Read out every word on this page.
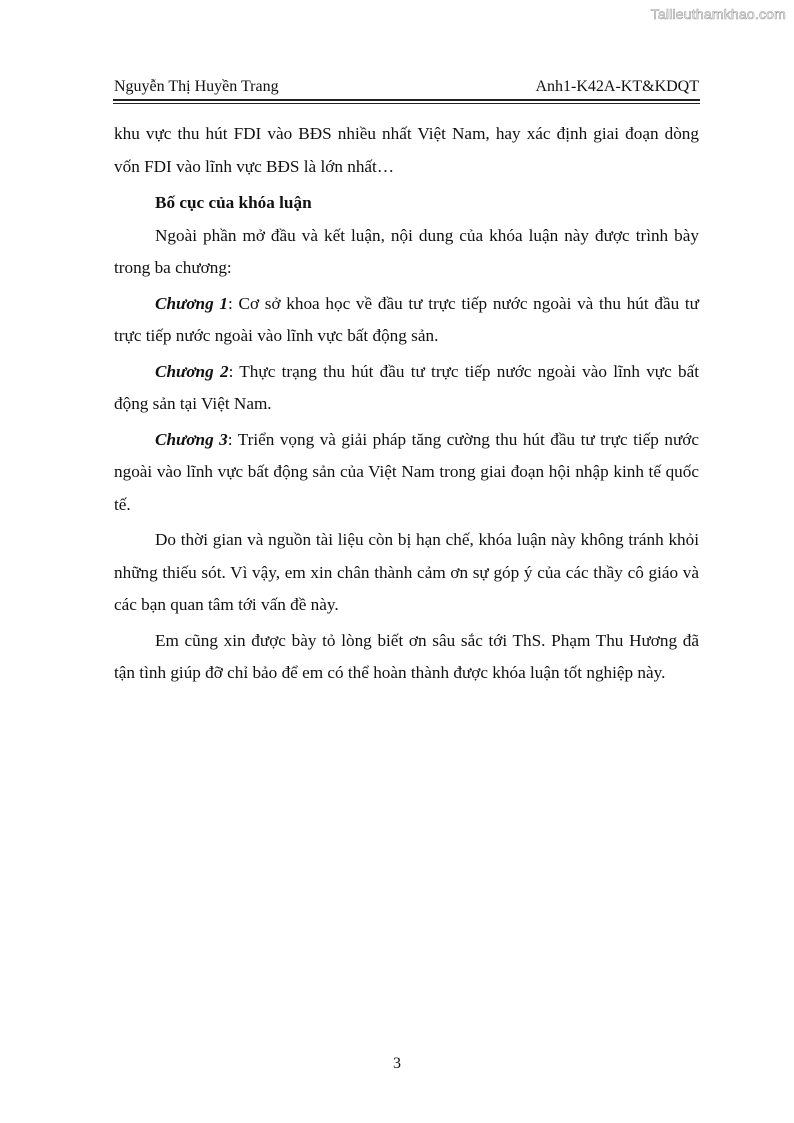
Tailieuthamkhao.com
Nguyễn Thị Huyền Trang	Anh1-K42A-KT&KDQT

khu vực thu hút FDI vào BĐS nhiều nhất Việt Nam, hay xác định giai đoạn dòng vốn FDI vào lĩnh vực BĐS là lớn nhất…

Bố cục của khóa luận

Ngoài phần mở đầu và kết luận, nội dung của khóa luận này được trình bày trong ba chương:

Chương 1: Cơ sở khoa học về đầu tư trực tiếp nước ngoài và thu hút đầu tư trực tiếp nước ngoài vào lĩnh vực bất động sản.

Chương 2: Thực trạng thu hút đầu tư trực tiếp nước ngoài vào lĩnh vực bất động sản tại Việt Nam.

Chương 3: Triển vọng và giải pháp tăng cường thu hút đầu tư trực tiếp nước ngoài vào lĩnh vực bất động sản của Việt Nam trong giai đoạn hội nhập kinh tế quốc tế.

Do thời gian và nguồn tài liệu còn bị hạn chế, khóa luận này không tránh khỏi những thiếu sót. Vì vậy, em xin chân thành cảm ơn sự góp ý của các thầy cô giáo và các bạn quan tâm tới vấn đề này.

Em cũng xin được bày tỏ lòng biết ơn sâu sắc tới ThS. Phạm Thu Hương đã tận tình giúp đỡ chỉ bảo để em có thể hoàn thành được khóa luận tốt nghiệp này.

3
